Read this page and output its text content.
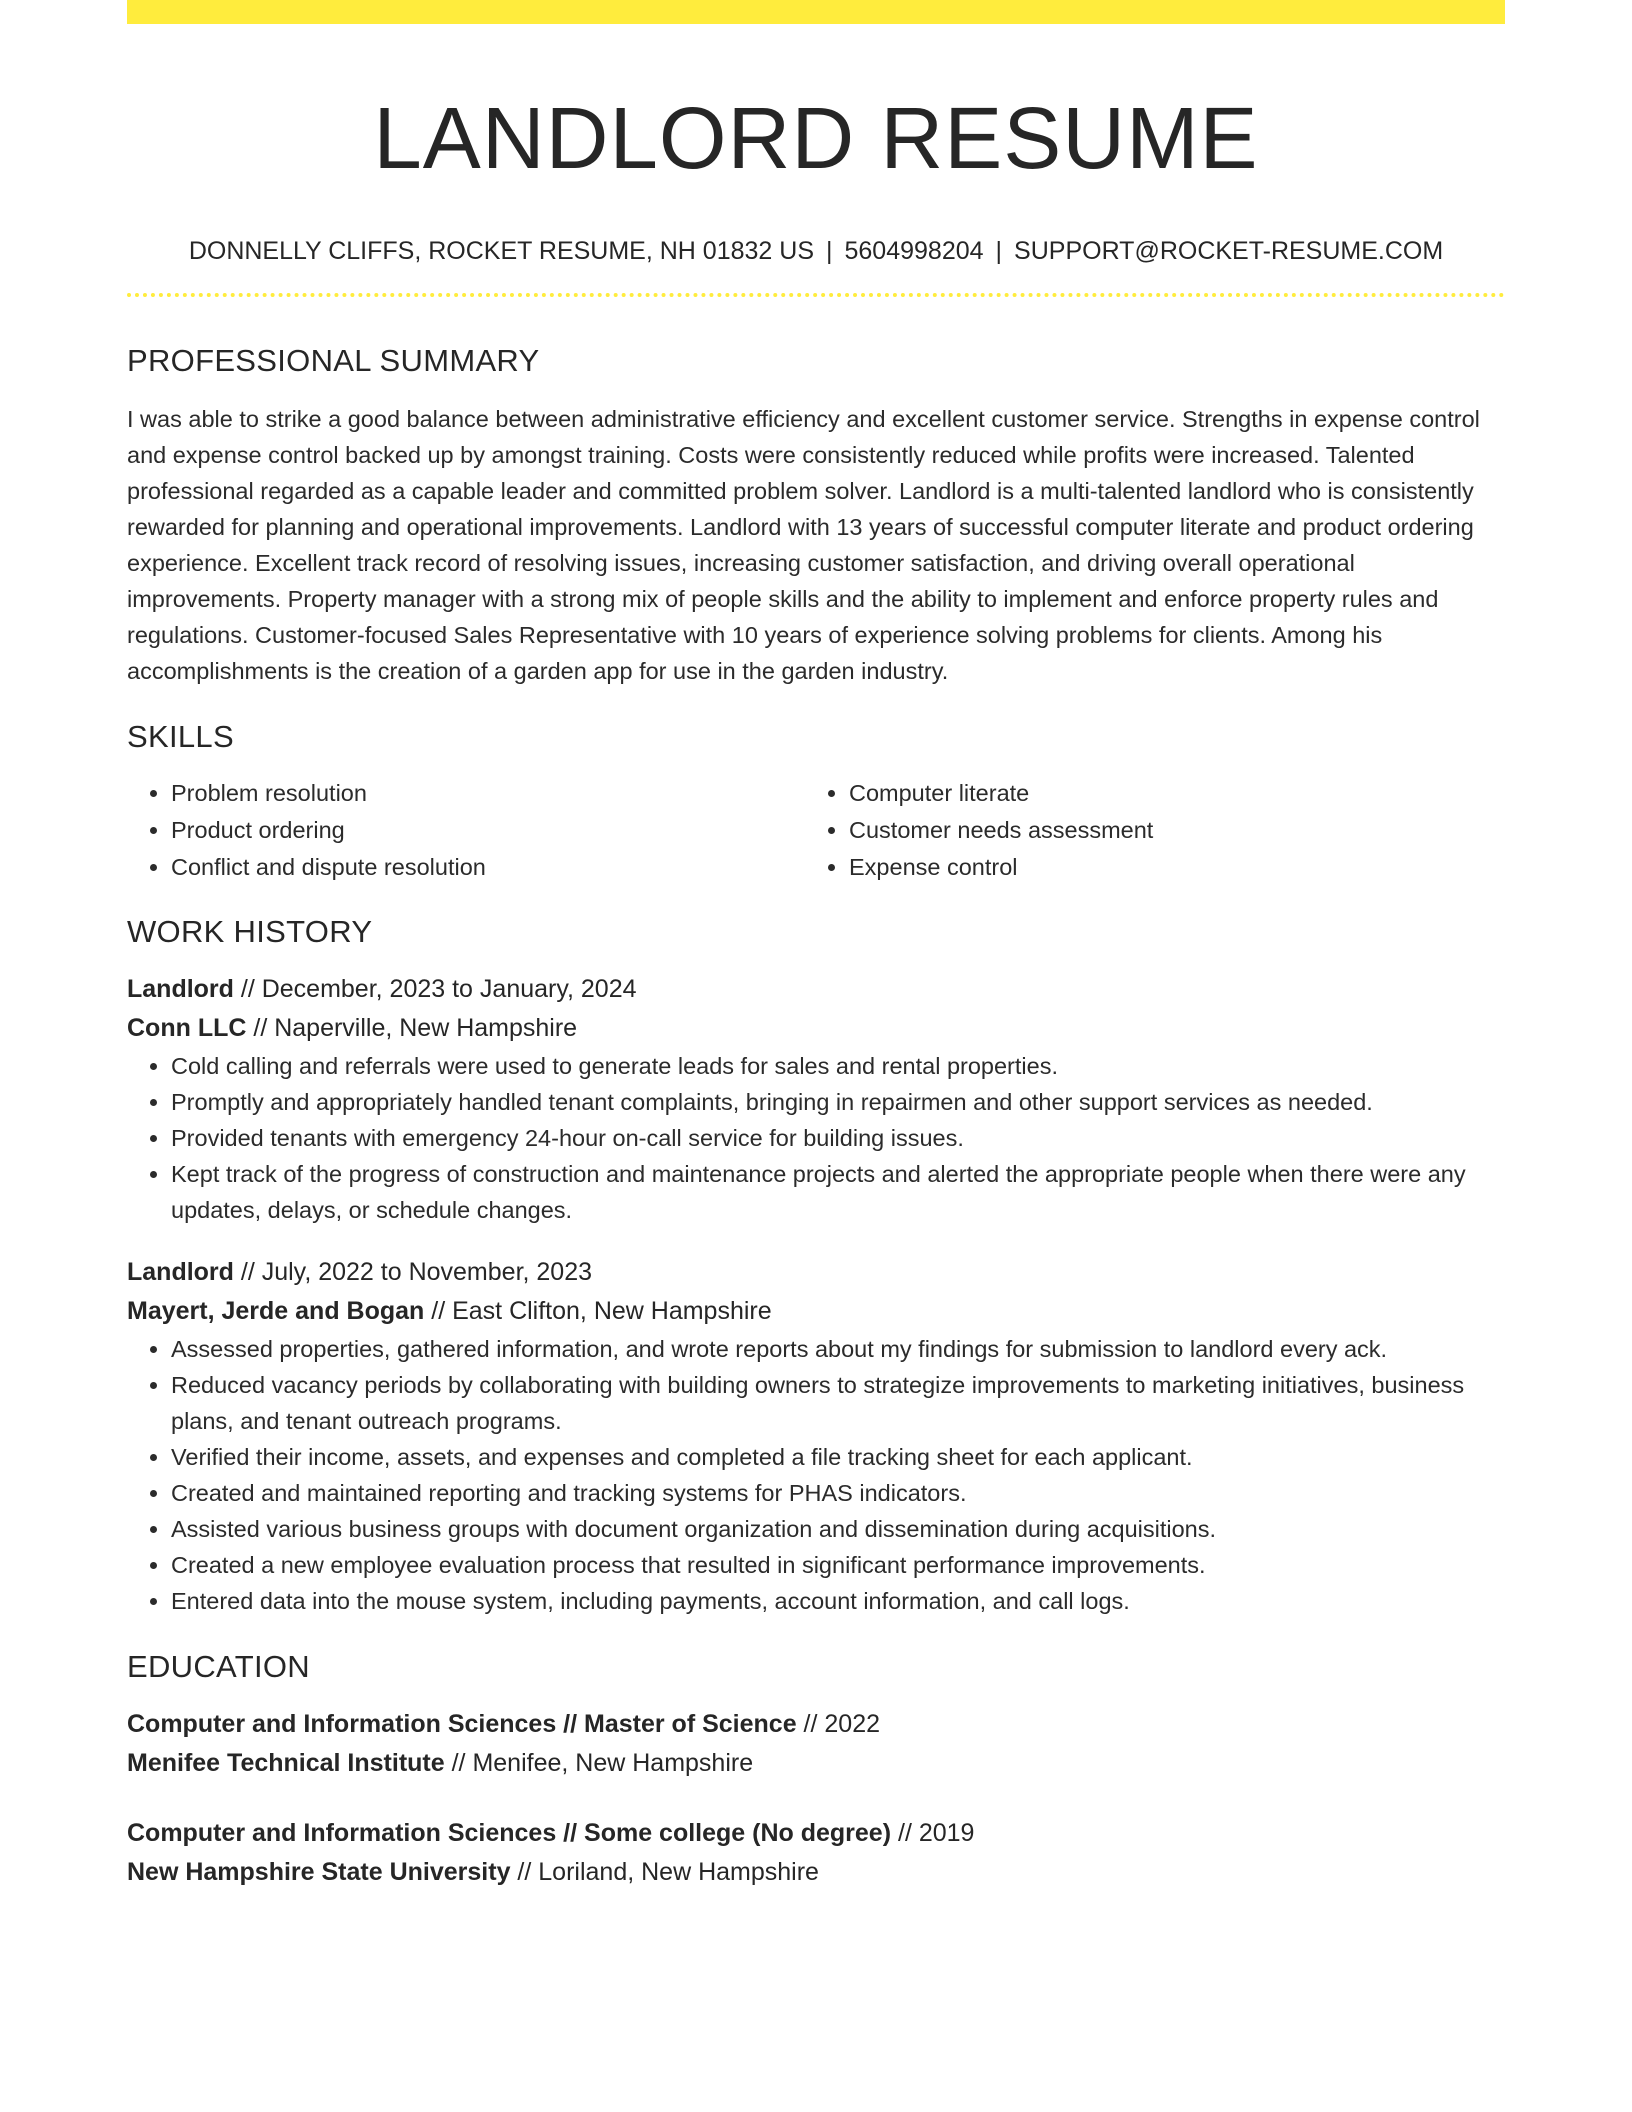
LANDLORD RESUME
DONNELLY CLIFFS, ROCKET RESUME, NH 01832 US | 5604998204 | SUPPORT@ROCKET-RESUME.COM
PROFESSIONAL SUMMARY
I was able to strike a good balance between administrative efficiency and excellent customer service. Strengths in expense control and expense control backed up by amongst training. Costs were consistently reduced while profits were increased. Talented professional regarded as a capable leader and committed problem solver. Landlord is a multi-talented landlord who is consistently rewarded for planning and operational improvements. Landlord with 13 years of successful computer literate and product ordering experience. Excellent track record of resolving issues, increasing customer satisfaction, and driving overall operational improvements. Property manager with a strong mix of people skills and the ability to implement and enforce property rules and regulations. Customer-focused Sales Representative with 10 years of experience solving problems for clients. Among his accomplishments is the creation of a garden app for use in the garden industry.
SKILLS
• Problem resolution
• Product ordering
• Conflict and dispute resolution
• Computer literate
• Customer needs assessment
• Expense control
WORK HISTORY
Landlord // December, 2023 to January, 2024
Conn LLC // Naperville, New Hampshire
• Cold calling and referrals were used to generate leads for sales and rental properties.
• Promptly and appropriately handled tenant complaints, bringing in repairmen and other support services as needed.
• Provided tenants with emergency 24-hour on-call service for building issues.
• Kept track of the progress of construction and maintenance projects and alerted the appropriate people when there were any updates, delays, or schedule changes.
Landlord // July, 2022 to November, 2023
Mayert, Jerde and Bogan // East Clifton, New Hampshire
• Assessed properties, gathered information, and wrote reports about my findings for submission to landlord every ack.
• Reduced vacancy periods by collaborating with building owners to strategize improvements to marketing initiatives, business plans, and tenant outreach programs.
• Verified their income, assets, and expenses and completed a file tracking sheet for each applicant.
• Created and maintained reporting and tracking systems for PHAS indicators.
• Assisted various business groups with document organization and dissemination during acquisitions.
• Created a new employee evaluation process that resulted in significant performance improvements.
• Entered data into the mouse system, including payments, account information, and call logs.
EDUCATION
Computer and Information Sciences // Master of Science // 2022
Menifee Technical Institute // Menifee, New Hampshire
Computer and Information Sciences // Some college (No degree) // 2019
New Hampshire State University // Loriland, New Hampshire
